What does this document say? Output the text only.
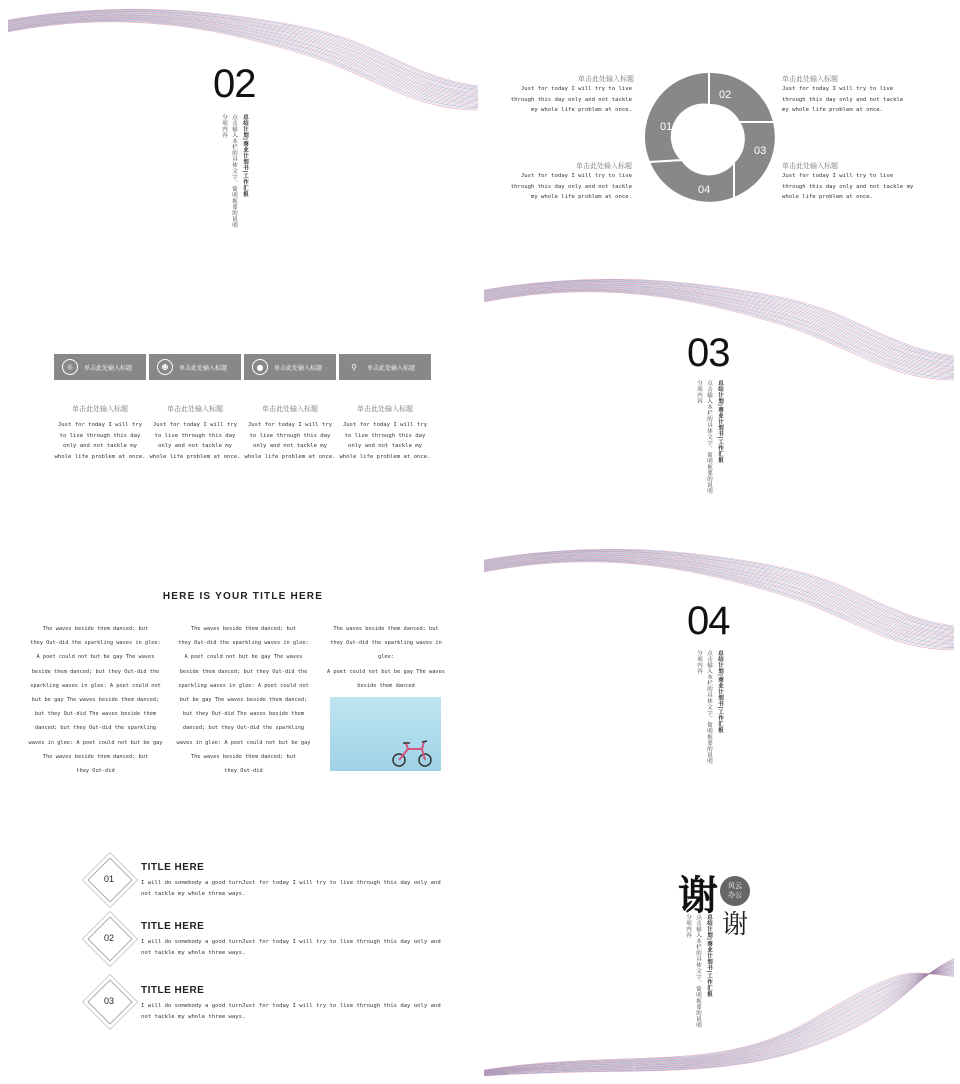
02
总结计划|商业计划书|工作汇报
点击输入本栏的具体文字，简明扼要的说明
分项内容
02
03
04
01
单击此处输入标题
Just for today I will try to live
through this day only and not tackle
my whole life problem at once.
单击此处输入标题
Just for today I will try to live
through this day only and not tackle
my whole life problem at once.
单击此处输入标题
Just for today I will try to live
through this day only and not tackle
my whole life problem at once.
单击此处输入标题
Just for today I will try to live
through this day only and not tackle my
whole life problem at once.
☼	单击此处输入标题	☻	单击此处输入标题	●	单击此处输入标题	⚲	单击此处输入标题
单击此处输入标题
Just for today I will try
to live through this day
only and not tackle my
whole life problem at once.
单击此处输入标题
Just for today I will try
to live through this day
only and not tackle my
whole life problem at once.
单击此处输入标题
Just for today I will try
to live through this day
only and not tackle my
whole life problem at once.
单击此处输入标题
Just for today I will try
to live through this day
only and not tackle my
whole life problem at once.
03
总结计划|商业计划书|工作汇报
点击输入本栏的具体文字，简明扼要的说明
分项内容
HERE IS YOUR TITLE HERE
The waves beside them danced; but
they Out-did the sparkling waves in glee:
A poet could not but be gay The waves
beside them danced; but they Out-did the
sparkling waves in glee: A poet could not
but be gay The waves beside them danced;
but they Out-did The waves beside them
danced; but they Out-did the sparkling
waves in glee: A poet could not but be gay
The waves beside them danced; but
they Out-did
The waves beside them danced; but
they Out-did the sparkling waves in glee:
A poet could not but be gay The waves
beside them danced; but they Out-did the
sparkling waves in glee: A poet could not
but be gay The waves beside them danced;
but they Out-did The waves beside them
danced; but they Out-did the sparkling
waves in glee: A poet could not but be gay
The waves beside them danced; but
they Out-did
The waves beside them danced; but
they Out-did the sparkling waves in glee:
A poet could not but be gay The waves
beside them danced
04
总结计划|商业计划书|工作汇报
点击输入本栏的具体文字，简明扼要的说明
分项内容
01
TITLE HERE
I will do somebody a good turnJust for today I will try to live through this day only and
not tackle my whole three ways.
02
TITLE HERE
I will do somebody a good turnJust for today I will try to live through this day only and
not tackle my whole three ways.
03
TITLE HERE
I will do somebody a good turnJust for today I will try to live through this day only and
not tackle my whole three ways.
谢 风云
办公
谢
总结计划|商业计划书|工作汇报
点击输入本栏的具体文字，简明扼要的说明
分项内容
